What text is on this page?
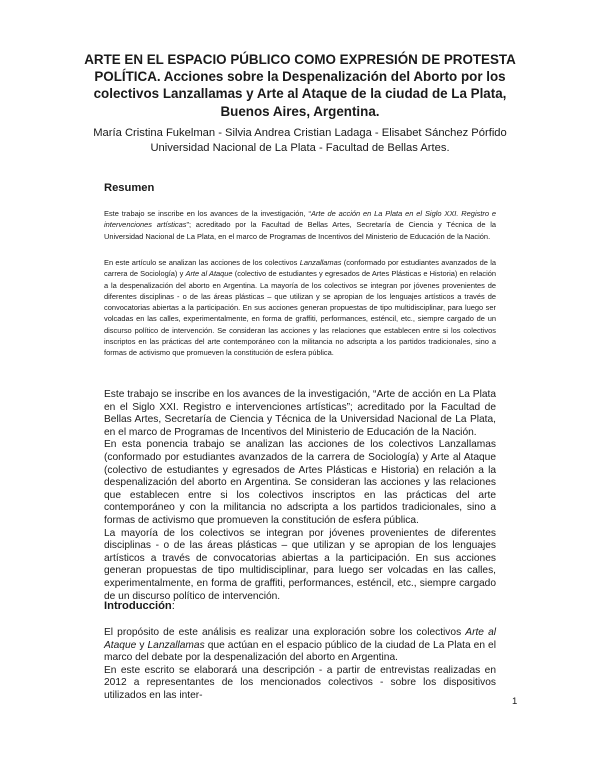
ARTE EN EL ESPACIO PÚBLICO COMO EXPRESIÓN DE PROTESTA POLÍTICA. Acciones sobre la Despenalización del Aborto por los colectivos Lanzallamas y Arte al Ataque de la ciudad de La Plata, Buenos Aires, Argentina.

María Cristina Fukelman - Silvia Andrea Cristian Ladaga - Elisabet Sánchez Pórfido

Universidad Nacional de La Plata - Facultad de Bellas Artes.

Resumen

Este trabajo se inscribe en los avances de la investigación, “Arte de acción en La Plata en el Siglo XXI. Registro e intervenciones artísticas”; acreditado por la Facultad de Bellas Artes, Secretaría de Ciencia y Técnica de la Universidad Nacional de La Plata, en el marco de Programas de Incentivos del Ministerio de Educación de la Nación.

En este artículo se analizan las acciones de los colectivos Lanzallamas (conformado por estudiantes avanzados de la carrera de Sociología) y Arte al Ataque (colectivo de estudiantes y egresados de Artes Plásticas e Historia) en relación a la despenalización del aborto en Argentina. La mayoría de los colectivos se integran por jóvenes provenientes de diferentes disciplinas - o de las áreas plásticas – que utilizan y se apropian de los lenguajes artísticos a través de convocatorias abiertas a la participación. En sus acciones generan propuestas de tipo multidisciplinar, para luego ser volcadas en las calles, experimentalmente, en forma de graffiti, performances, esténcil, etc., siempre cargado de un discurso político de intervención. Se consideran las acciones y las relaciones que establecen entre si los colectivos inscriptos en las prácticas del arte contemporáneo con la militancia no adscripta a los partidos tradicionales, sino a formas de activismo que promueven la constitución de esfera pública.

Este trabajo se inscribe en los avances de la investigación, “Arte de acción en La Plata en el Siglo XXI. Registro e intervenciones artísticas”; acreditado por la Facultad de Bellas Artes, Secretaría de Ciencia y Técnica de la Universidad Nacional de La Plata, en el marco de Programas de Incentivos del Ministerio de Educación de la Nación.

En esta ponencia trabajo se analizan las acciones de los colectivos Lanzallamas (conformado por estudiantes avanzados de la carrera de Sociología) y Arte al Ataque (colectivo de estudiantes y egresados de Artes Plásticas e Historia) en relación a la despenalización del aborto en Argentina. Se consideran las acciones y las relaciones que establecen entre si los colectivos inscriptos en las prácticas del arte contemporáneo y con la militancia no adscripta a los partidos tradicionales, sino a formas de activismo que promueven la constitución de esfera pública.

La mayoría de los colectivos se integran por jóvenes provenientes de diferentes disciplinas - o de las áreas plásticas – que utilizan y se apropian de los lenguajes artísticos a través de convocatorias abiertas a la participación. En sus acciones generan propuestas de tipo multidisciplinar, para luego ser volcadas en las calles, experimentalmente, en forma de graffiti, performances, esténcil, etc., siempre cargado de un discurso político de intervención.

Introducción:

El propósito de este análisis es realizar una exploración sobre los colectivos Arte al Ataque y Lanzallamas que actúan en el espacio público de la ciudad de La Plata en el marco del debate por la despenalización del aborto en Argentina.

En este escrito se elaborará una descripción - a partir de entrevistas realizadas en 2012 a representantes de los mencionados colectivos - sobre los dispositivos utilizados en las inter-

1
